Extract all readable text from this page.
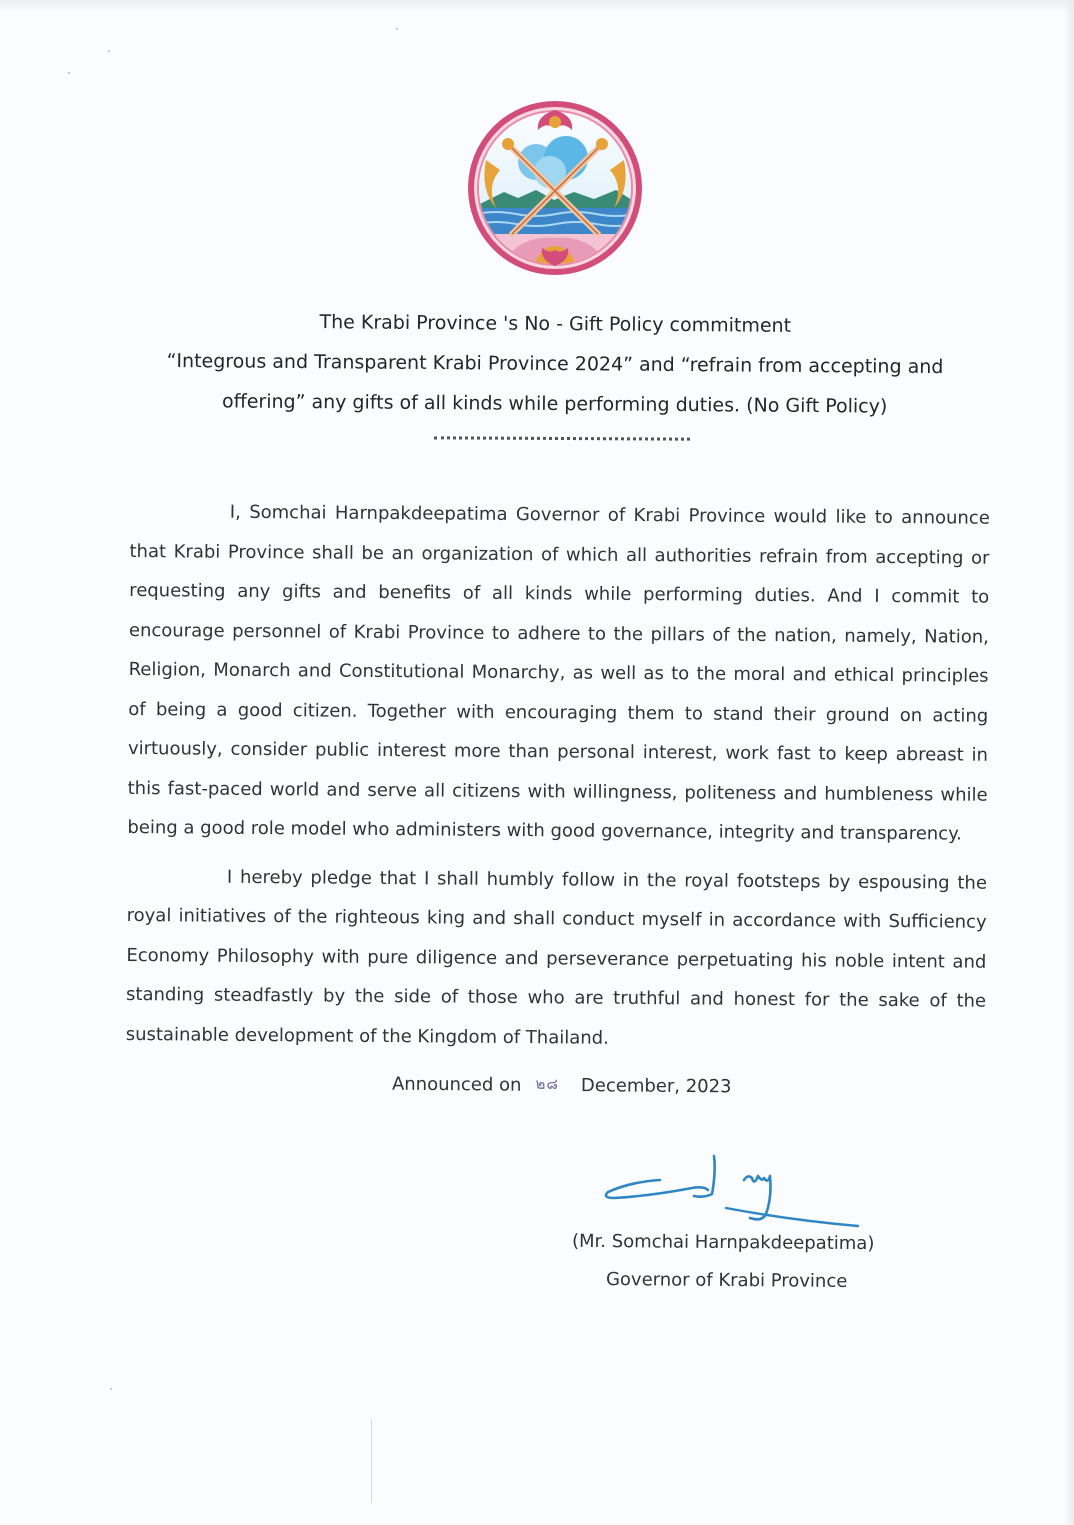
The Krabi Province 's No - Gift Policy commitment
“Integrous and Transparent Krabi Province 2024” and “refrain from accepting and
offering” any gifts of all kinds while performing duties. (No Gift Policy)

I, Somchai Harnpakdeepatima Governor of Krabi Province would like to announce that Krabi Province shall be an organization of which all authorities refrain from accepting or requesting any gifts and benefits of all kinds while performing duties. And I commit to encourage personnel of Krabi Province to adhere to the pillars of the nation, namely, Nation, Religion, Monarch and Constitutional Monarchy, as well as to the moral and ethical principles of being a good citizen. Together with encouraging them to stand their ground on acting virtuously, consider public interest more than personal interest, work fast to keep abreast in this fast-paced world and serve all citizens with willingness, politeness and humbleness while being a good role model who administers with good governance, integrity and transparency.

I hereby pledge that I shall humbly follow in the royal footsteps by espousing the royal initiatives of the righteous king and shall conduct myself in accordance with Sufficiency Economy Philosophy with pure diligence and perseverance perpetuating his noble intent and standing steadfastly by the side of those who are truthful and honest for the sake of the sustainable development of the Kingdom of Thailand.

Announced on ๒๘ December, 2023
(Mr. Somchai Harnpakdeepatima)
Governor of Krabi Province
